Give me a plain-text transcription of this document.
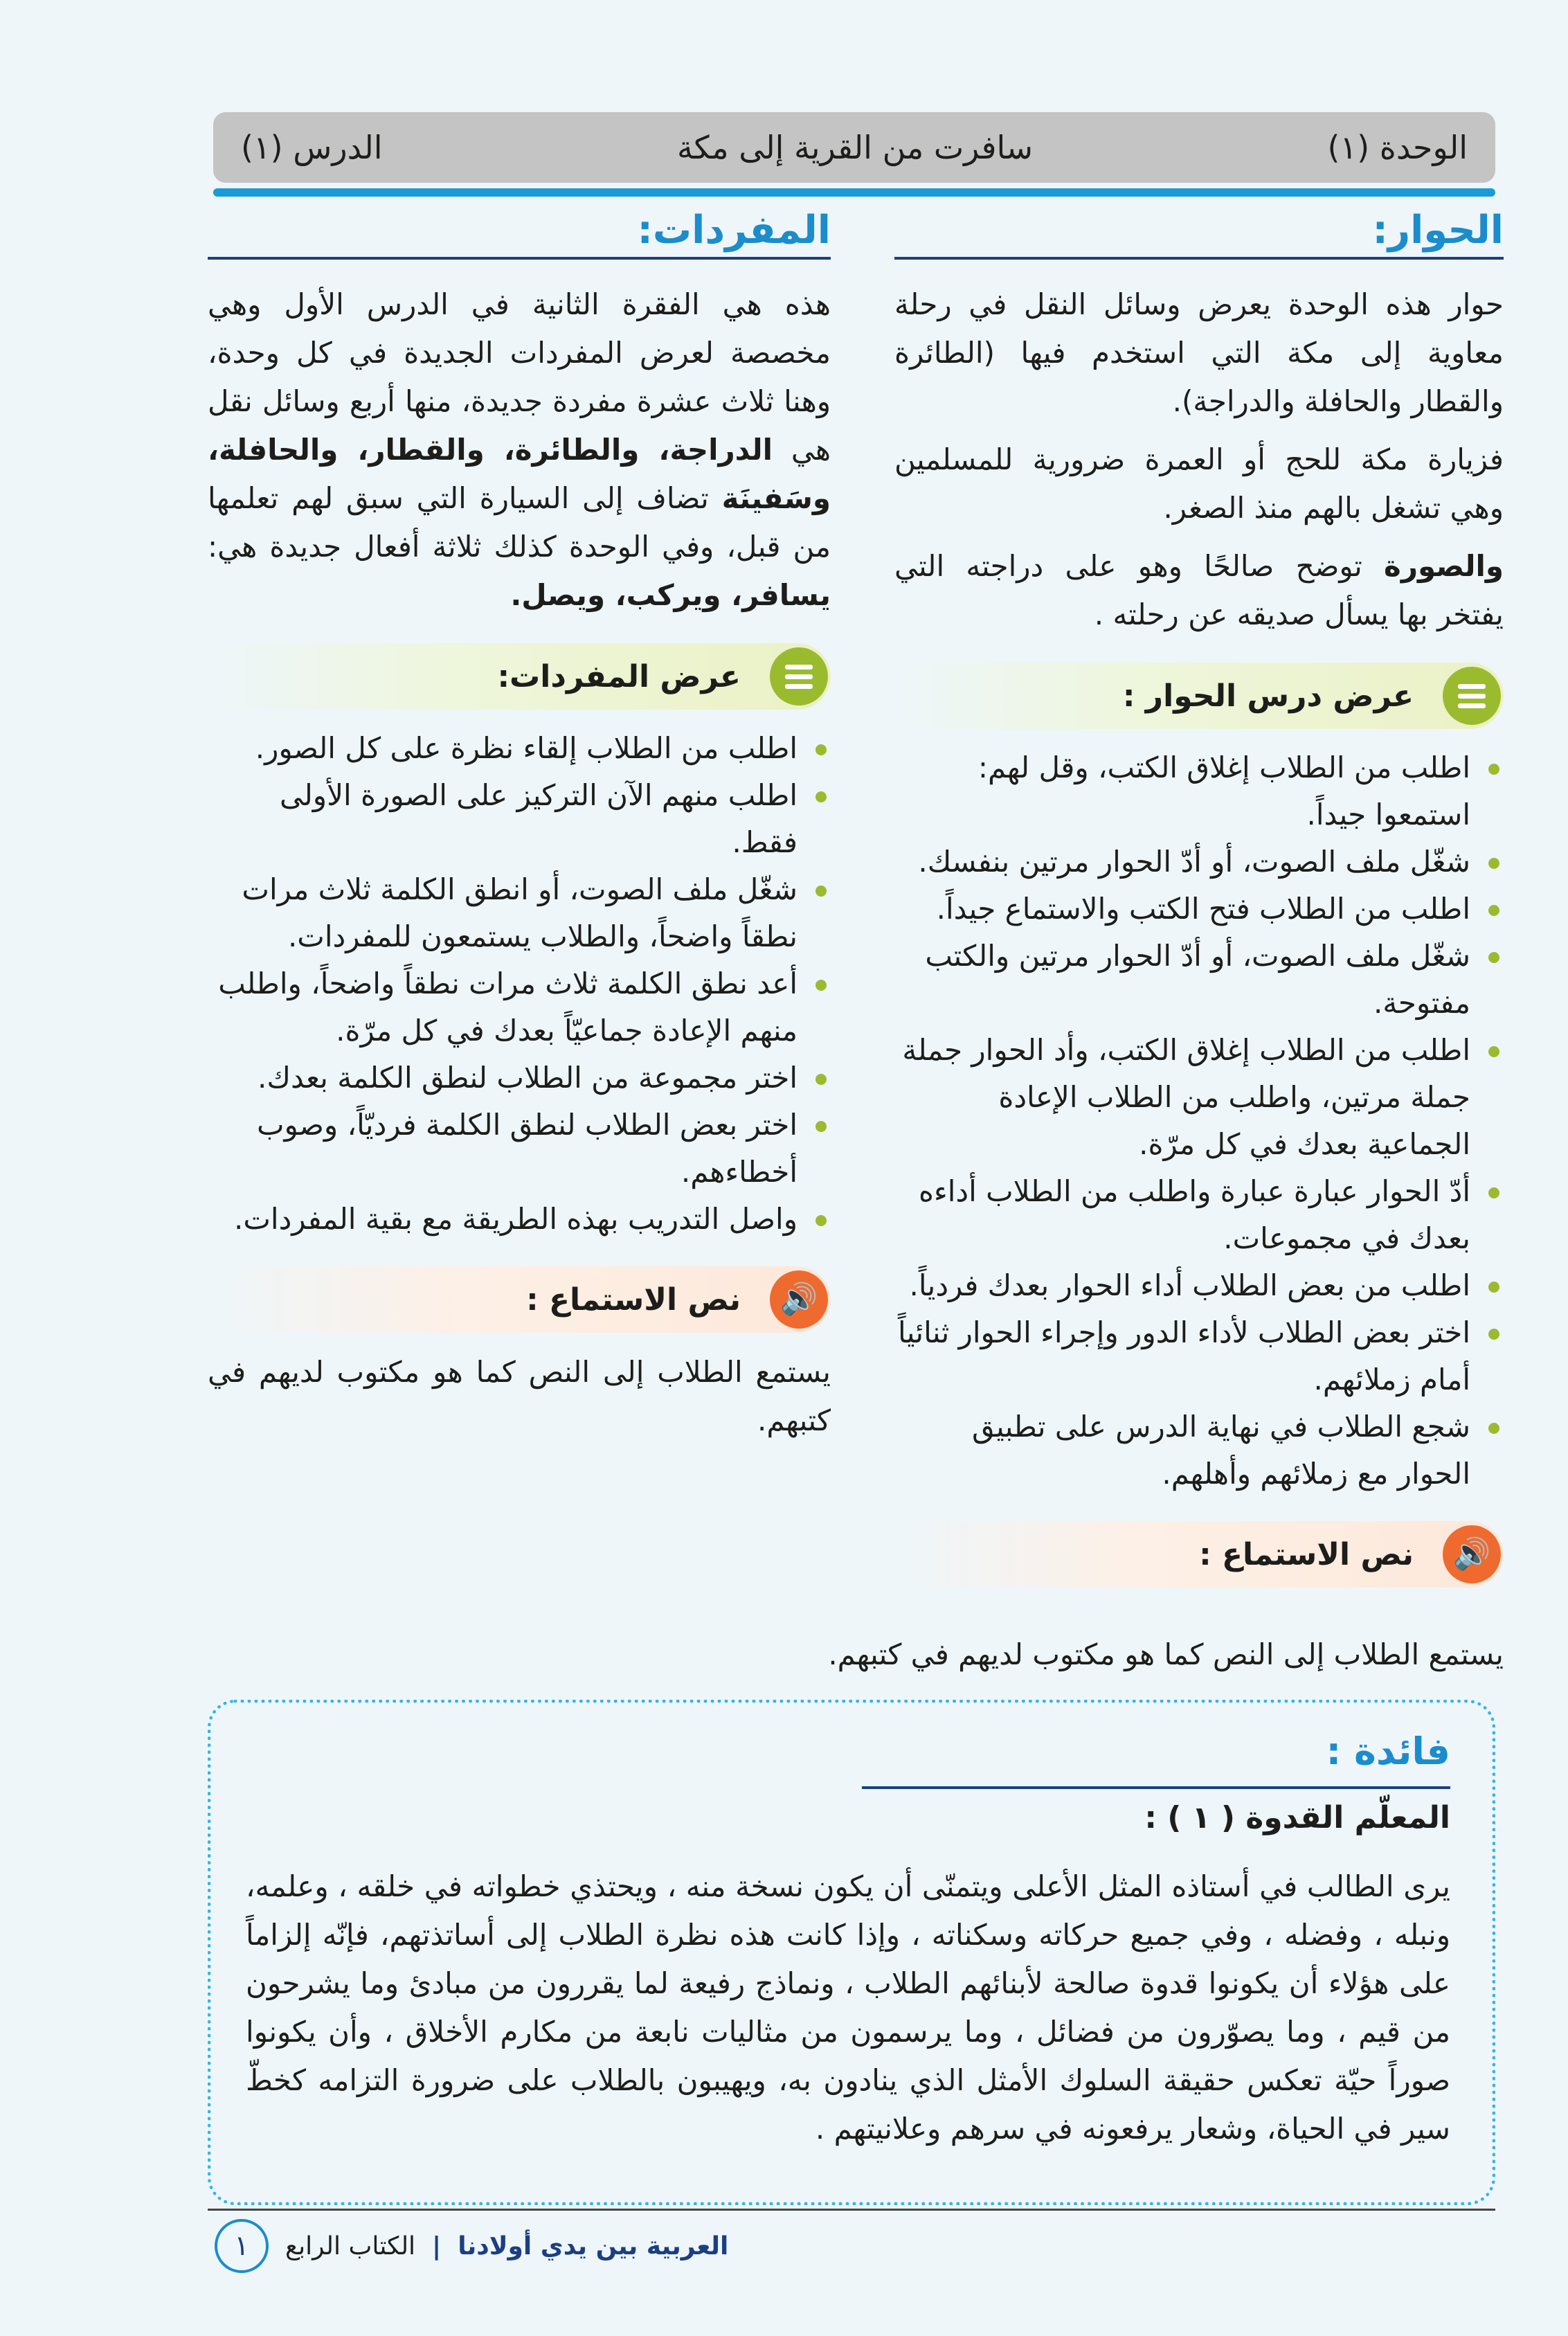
الوحدة (١)
سافرت من القرية إلى مكة
الدرس (١)
الحوار:

حوار هذه الوحدة يعرض وسائل النقل في رحلة معاوية إلى مكة التي استخدم فيها (الطائرة والقطار والحافلة والدراجة).

فزيارة مكة للحج أو العمرة ضرورية للمسلمين وهي تشغل بالهم منذ الصغر.

والصورة توضح صالحًا وهو على دراجته التي يفتخر بها يسأل صديقه عن رحلته .

عرض درس الحوار :
اطلب من الطلاب إغلاق الكتب، وقل لهم: استمعوا جيداً.
شغّل ملف الصوت، أو أدّ الحوار مرتين بنفسك.
اطلب من الطلاب فتح الكتب والاستماع جيداً.
شغّل ملف الصوت، أو أدّ الحوار مرتين والكتب مفتوحة.
اطلب من الطلاب إغلاق الكتب، وأد الحوار جملة جملة مرتين، واطلب من الطلاب الإعادة الجماعية بعدك في كل مرّة.
أدّ الحوار عبارة عبارة واطلب من الطلاب أداءه بعدك في مجموعات.
اطلب من بعض الطلاب أداء الحوار بعدك فردياً.
اختر بعض الطلاب لأداء الدور وإجراء الحوار ثنائياً أمام زملائهم.
شجع الطلاب في نهاية الدرس على تطبيق الحوار مع زملائهم وأهلهم.
🔊
نص الاستماع :
يستمع الطلاب إلى النص كما هو مكتوب لديهم في كتبهم.
المفردات:

هذه هي الفقرة الثانية في الدرس الأول وهي مخصصة لعرض المفردات الجديدة في كل وحدة، وهنا ثلاث عشرة مفردة جديدة، منها أربع وسائل نقل هي الدراجة، والطائرة، والقطار، والحافلة، وسَفينَة تضاف إلى السيارة التي سبق لهم تعلمها من قبل، وفي الوحدة كذلك ثلاثة أفعال جديدة هي: يسافر، ويركب، ويصل.

عرض المفردات:
اطلب من الطلاب إلقاء نظرة على كل الصور.
اطلب منهم الآن التركيز على الصورة الأولى فقط.
شغّل ملف الصوت، أو انطق الكلمة ثلاث مرات نطقاً واضحاً، والطلاب يستمعون للمفردات.
أعد نطق الكلمة ثلاث مرات نطقاً واضحاً، واطلب منهم الإعادة جماعيّاً بعدك في كل مرّة.
اختر مجموعة من الطلاب لنطق الكلمة بعدك.
اختر بعض الطلاب لنطق الكلمة فرديّاً، وصوب أخطاءهم.
واصل التدريب بهذه الطريقة مع بقية المفردات.
🔊
نص الاستماع :

يستمع الطلاب إلى النص كما هو مكتوب لديهم في كتبهم.

فائدة :
المعلّم القدوة ( ١ ) :
يرى الطالب في أستاذه المثل الأعلى ويتمنّى أن يكون نسخة منه ، ويحتذي خطواته في خلقه ، وعلمه، ونبله ، وفضله ، وفي جميع حركاته وسكناته ، وإذا كانت هذه نظرة الطلاب إلى أساتذتهم، فإنّه إلزاماً على هؤلاء أن يكونوا قدوة صالحة لأبنائهم الطلاب ، ونماذج رفيعة لما يقررون من مبادئ وما يشرحون من قيم ، وما يصوّرون من فضائل ، وما يرسمون من مثاليات نابعة من مكارم الأخلاق ، وأن يكونوا صوراً حيّة تعكس حقيقة السلوك الأمثل الذي ينادون به، ويهيبون بالطلاب على ضرورة التزامه كخطّ سير في الحياة، وشعار يرفعونه في سرهم وعلانيتهم .
العربية بين يدي أولادنا
|
الكتاب الرابع
١
